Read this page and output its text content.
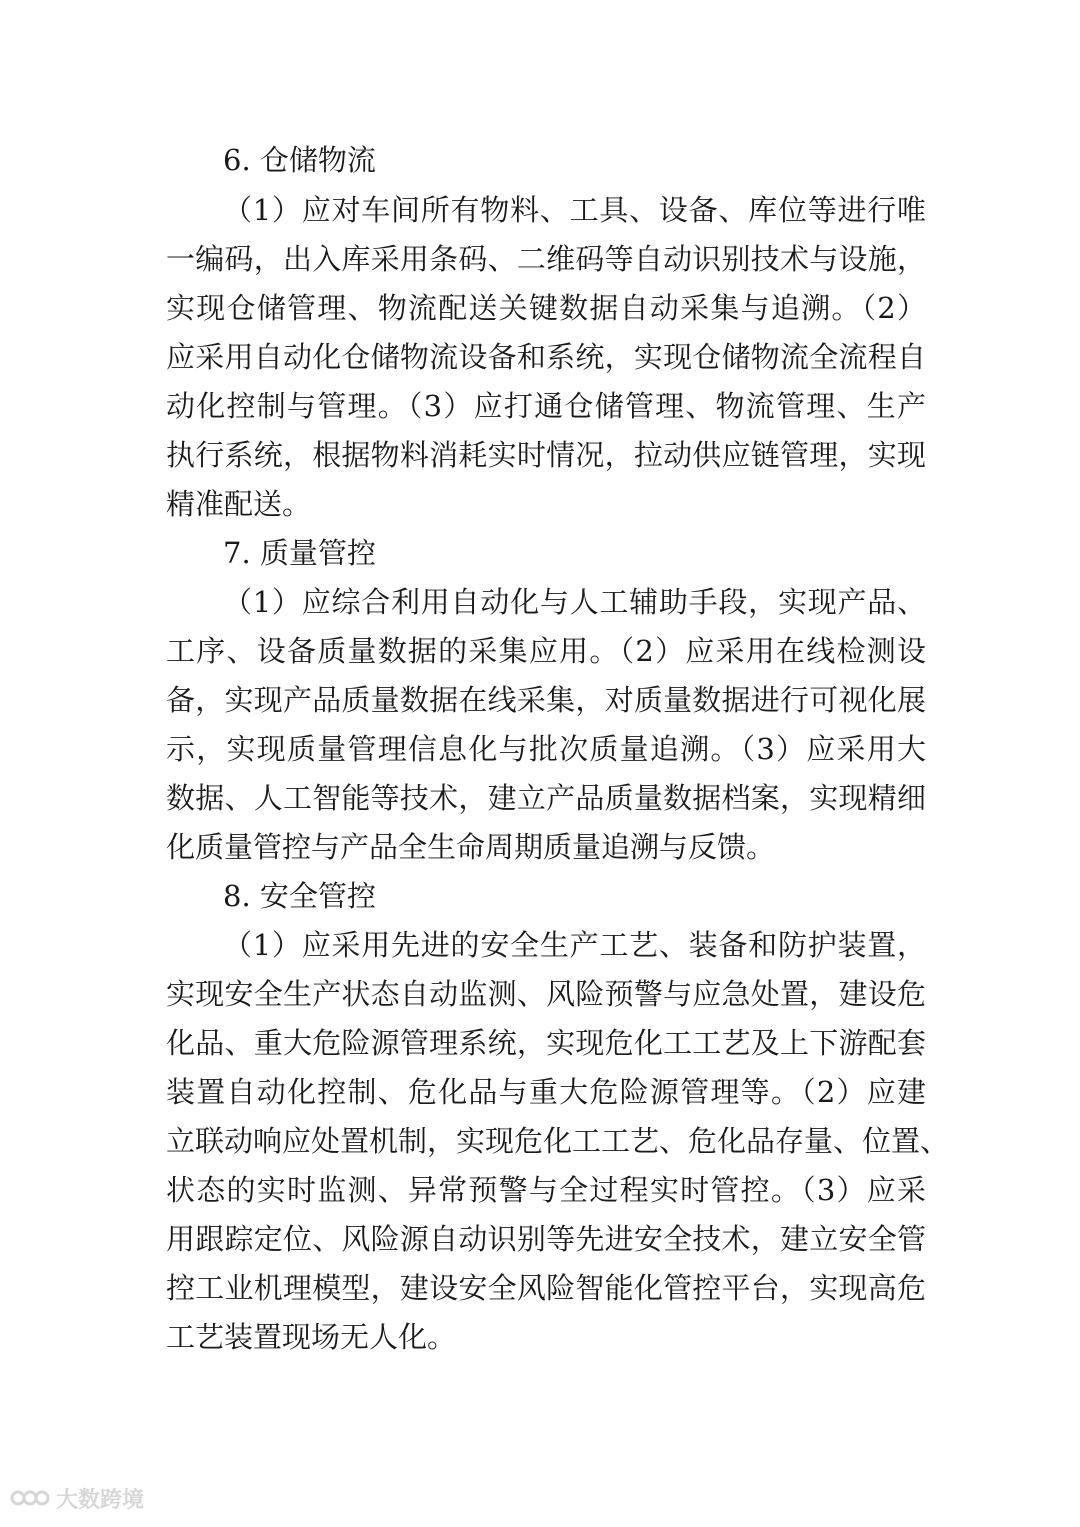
6. 仓储物流
（1）应对车间所有物料、工具、设备、库位等进行唯
一编码，出入库采用条码、二维码等自动识别技术与设施，
实现仓储管理、物流配送关键数据自动采集与追溯。（2）
应采用自动化仓储物流设备和系统，实现仓储物流全流程自
动化控制与管理。（3）应打通仓储管理、物流管理、生产
执行系统，根据物料消耗实时情况，拉动供应链管理，实现
精准配送。
7. 质量管控
（1）应综合利用自动化与人工辅助手段，实现产品、
工序、设备质量数据的采集应用。（2）应采用在线检测设
备，实现产品质量数据在线采集，对质量数据进行可视化展
示，实现质量管理信息化与批次质量追溯。（3）应采用大
数据、人工智能等技术，建立产品质量数据档案，实现精细
化质量管控与产品全生命周期质量追溯与反馈。
8. 安全管控
（1）应采用先进的安全生产工艺、装备和防护装置，
实现安全生产状态自动监测、风险预警与应急处置，建设危
化品、重大危险源管理系统，实现危化工工艺及上下游配套
装置自动化控制、危化品与重大危险源管理等。（2）应建
立联动响应处置机制，实现危化工工艺、危化品存量、位置、
状态的实时监测、异常预警与全过程实时管控。（3）应采
用跟踪定位、风险源自动识别等先进安全技术，建立安全管
控工业机理模型，建设安全风险智能化管控平台，实现高危
工艺装置现场无人化。
大数跨境
